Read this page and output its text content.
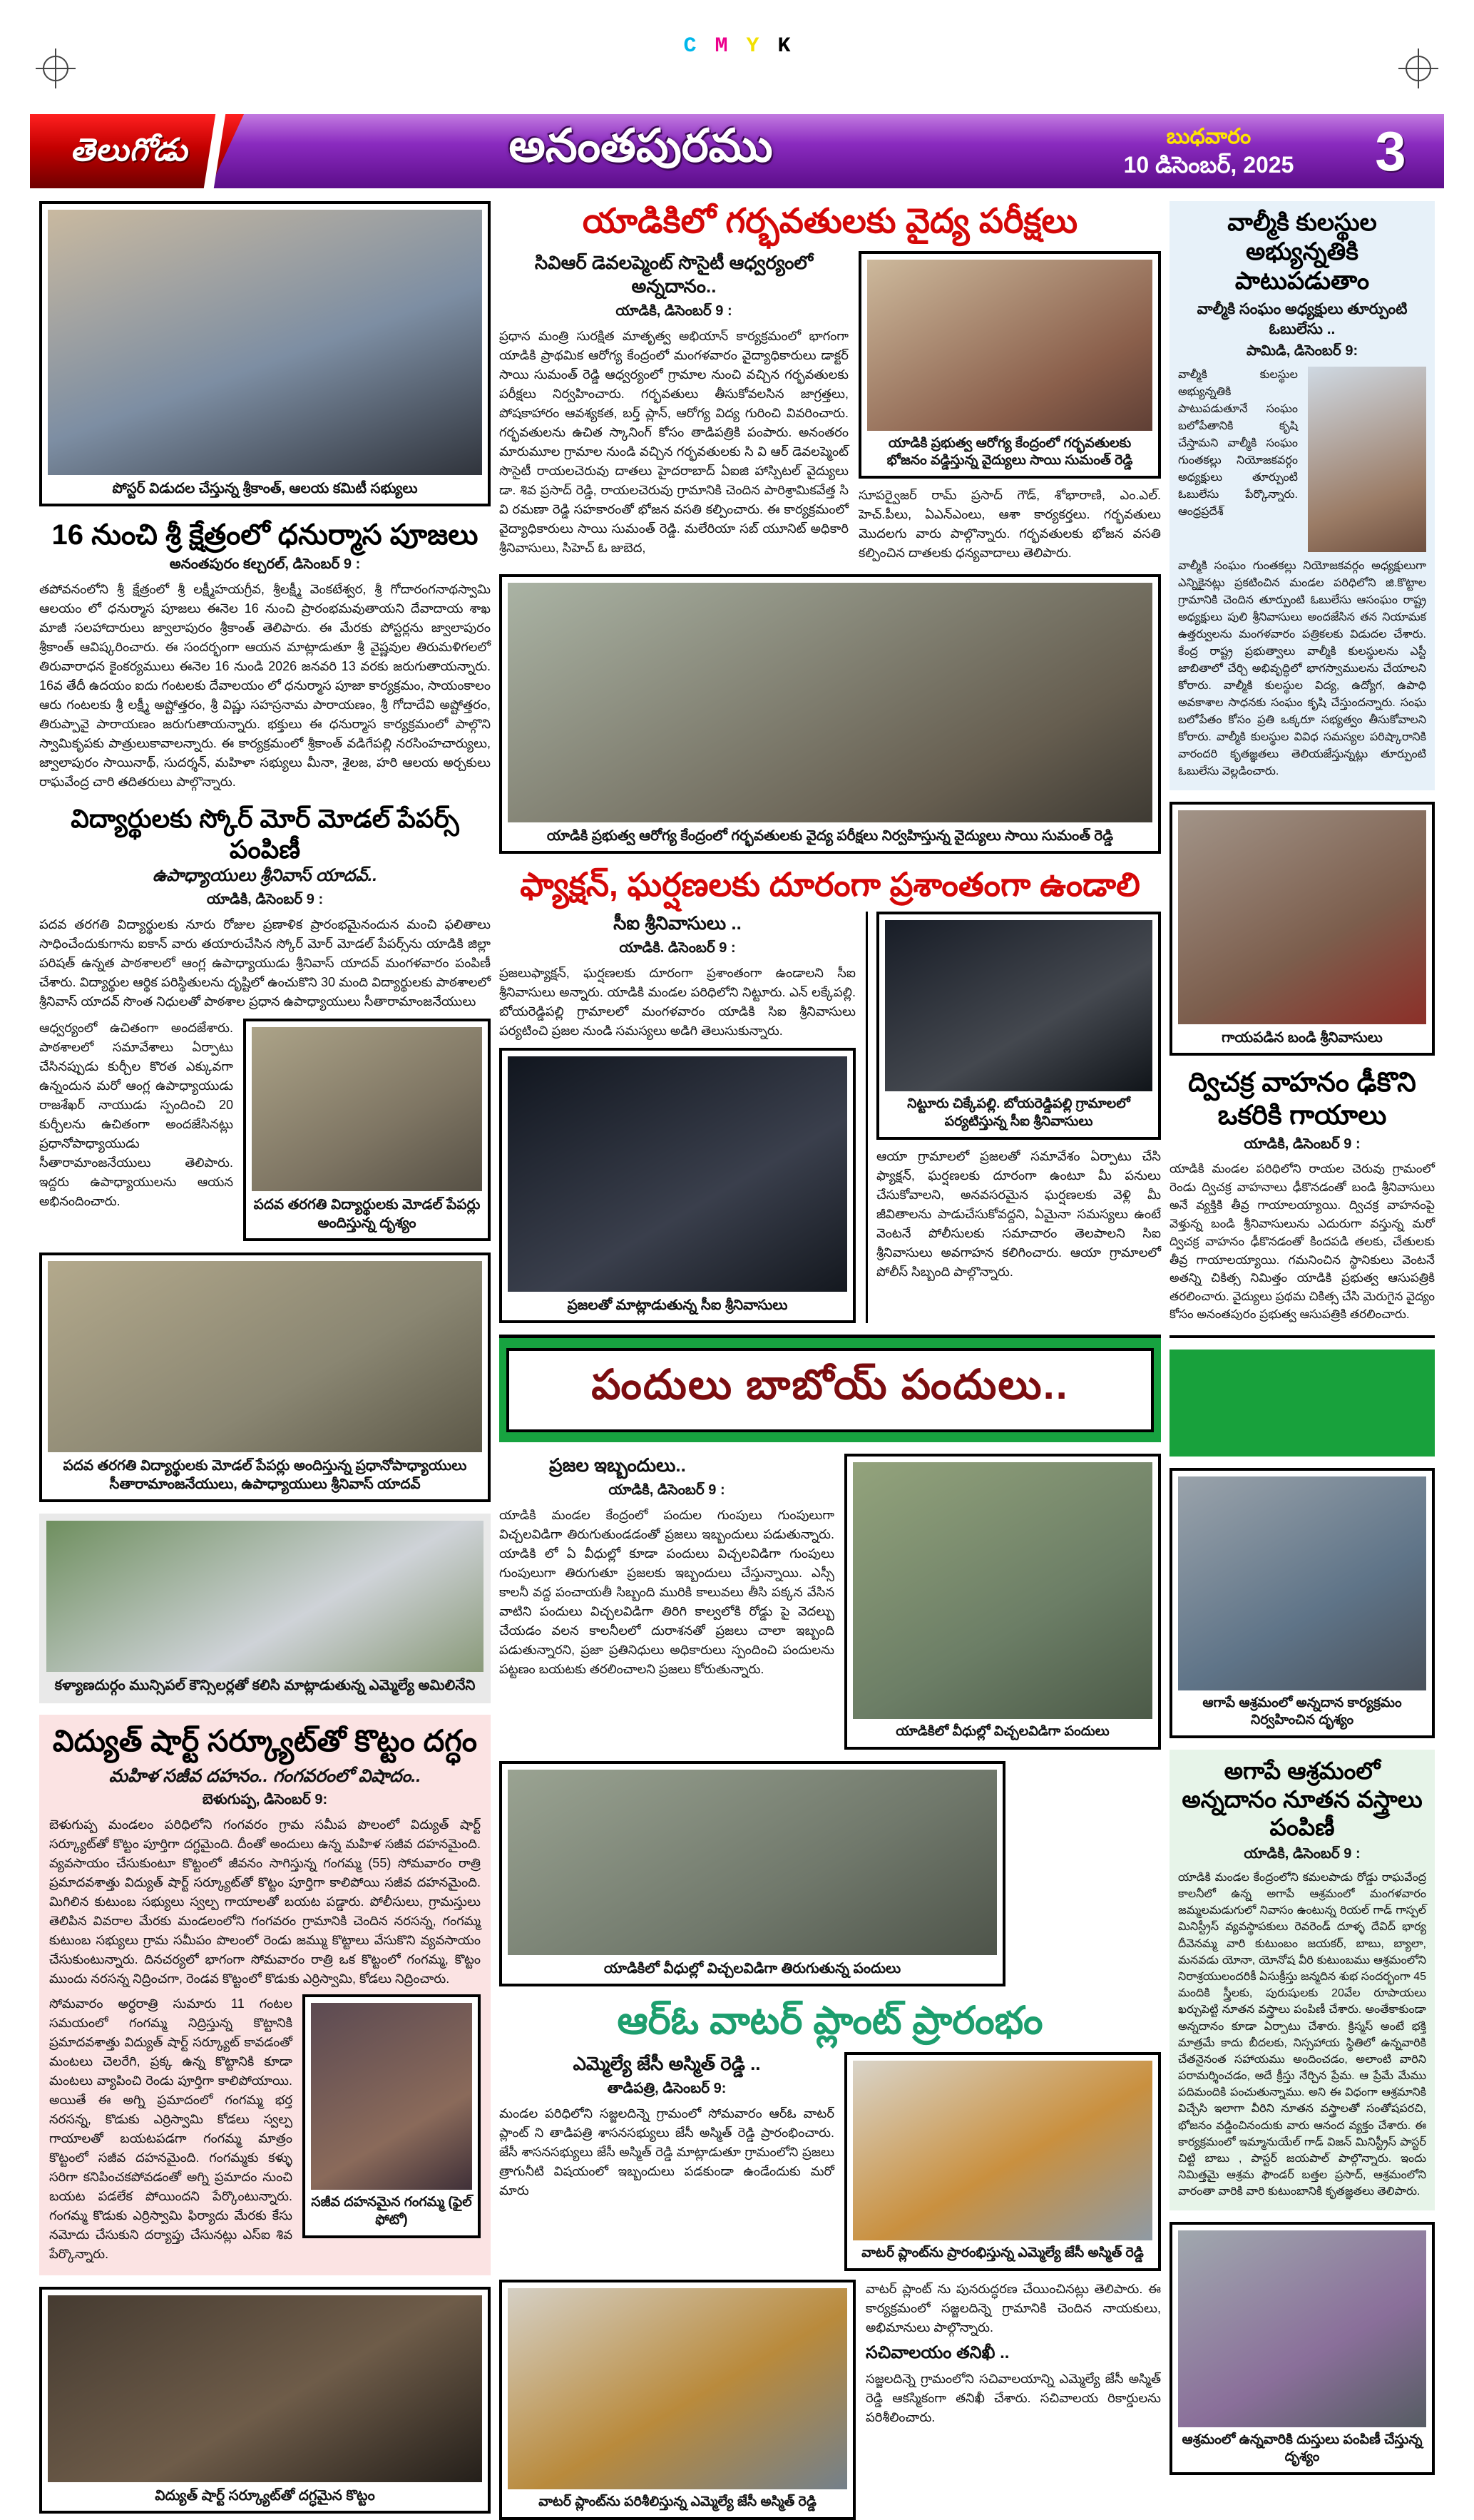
C M Y K
తెలుగోడు	అనంతపురము	బుధవారం
10 డిసెంబర్, 2025	3
పోస్టర్ విడుదల చేస్తున్న శ్రీకాంత్, ఆలయ కమిటీ సభ్యులు
16 నుంచి శ్రీ క్షేత్రంలో ధనుర్మాస పూజలు
అనంతపురం కల్చరల్, డిసెంబర్ 9 :
తపోవనంలోని శ్రీ క్షేత్రంలో శ్రీ లక్ష్మీహయగ్రీవ, శ్రీలక్ష్మీ వెంకటేశ్వర, శ్రీ గోదారంగనాథస్వామి ఆలయం లో ధనుర్మాస పూజలు ఈనెల 16 నుంచి ప్రారంభమవుతాయని దేవాదాయ శాఖ మాజీ సలహాదారులు జ్వాలాపురం శ్రీకాంత్ తెలిపారు. ఈ మేరకు పోస్టర్లను జ్వాలాపురం శ్రీకాంత్ ఆవిష్కరించారు. ఈ సందర్భంగా ఆయన మాట్లాడుతూ శ్రీ వైష్ణవుల తిరుమళిగలలో తిరువారాధన కైంకర్యములు ఈనెల 16 నుండి 2026 జనవరి 13 వరకు జరుగుతాయన్నారు. 16వ తేదీ ఉదయం ఐదు గంటలకు దేవాలయం లో ధనుర్మాస పూజా కార్యక్రమం, సాయంకాలం ఆరు గంటలకు శ్రీ లక్ష్మీ అష్టోత్తరం, శ్రీ విష్ణు సహస్రనామ పారాయణం, శ్రీ గోదాదేవి అష్టోత్తరం, తిరుప్పావై పారాయణం జరుగుతాయన్నారు. భక్తులు ఈ ధనుర్మాస కార్యక్రమంలో పాల్గొని స్వామికృపకు పాత్రులుకావాలన్నారు. ఈ కార్యక్రమంలో శ్రీకాంత్ వడిగేపల్లి నరసింహచార్యులు, జ్వాలాపురం సాయినాథ్, సుదర్శన్, మహిళా సభ్యులు మీనా, శైలజ, హరి ఆలయ అర్చకులు రాఘవేంద్ర చారి తదితరులు పాల్గొన్నారు.
విద్యార్థులకు స్కోర్ మోర్ మోడల్ పేపర్స్ పంపిణీ
ఉపాధ్యాయులు శ్రీనివాస్ యాదవ్..
యాడికి, డిసెంబర్ 9 :
పదవ తరగతి విద్యార్థులకు నూరు రోజుల ప్రణాళిక ప్రారంభమైనందున మంచి ఫలితాలు సాధించేందుకుగాను ఐకాన్ వారు తయారుచేసిన స్కోర్ మోర్ మోడల్ పేపర్స్‌ను యాడికి జిల్లా పరిషత్ ఉన్నత పాఠశాలలో ఆంగ్ల ఉపాధ్యాయుడు శ్రీనివాస్ యాదవ్ మంగళవారం పంపిణీ చేశారు. విద్యార్థుల ఆర్థిక పరిస్థితులను దృష్టిలో ఉంచుకొని 30 మంది విద్యార్థులకు పాఠశాలలో శ్రీనివాస్ యాదవ్ సొంత నిధులతో పాఠశాల ప్రధాన ఉపాధ్యాయులు సీతారామాంజనేయులు
ఆధ్వర్యంలో ఉచితంగా అందజేశారు. పాఠశాలలో సమావేశాలు ఏర్పాటు చేసినప్పుడు కుర్చీల కొరత ఎక్కువగా ఉన్నందున మరో ఆంగ్ల ఉపాధ్యాయుడు రాజశేఖర్ నాయుడు స్పందించి 20 కుర్చీలను ఉచితంగా అందజేసినట్లు ప్రధానోపాధ్యాయుడు సీతారామాంజనేయులు తెలిపారు. ఇద్దరు ఉపాధ్యాయులను ఆయన అభినందించారు.	పదవ తరగతి విద్యార్థులకు మోడల్ పేపర్లు అందిస్తున్న దృశ్యం
పదవ తరగతి విద్యార్థులకు మోడల్ పేపర్లు అందిస్తున్న ప్రధానోపాధ్యాయులు సీతారామాంజనేయులు, ఉపాధ్యాయులు శ్రీనివాస్ యాదవ్
కళ్యాణదుర్గం మున్సిపల్ కౌన్సిలర్లతో కలిసి మాట్లాడుతున్న ఎమ్మెల్యే అమిలినేని
విద్యుత్ షార్ట్ సర్క్యూట్‌తో కొట్టం దగ్ధం
మహిళ సజీవ దహనం.. గంగవరంలో విషాదం..
బెళుగుప్ప, డిసెంబర్ 9:
బెళుగుప్ప మండలం పరిధిలోని గంగవరం గ్రామ సమీప పొలంలో విద్యుత్ షార్ట్ సర్క్యూట్‌తో కొట్టం పూర్తిగా దగ్ధమైంది. దీంతో అందులు ఉన్న మహిళ సజీవ దహనమైంది. వ్యవసాయం చేసుకుంటూ కొట్టంలో జీవనం సాగిస్తున్న గంగమ్మ (55) సోమవారం రాత్రి ప్రమాదవశాత్తు విద్యుత్ షార్ట్ సర్క్యూట్‌తో కొట్టం పూర్తిగా కాలిపోయి సజీవ దహనమైంది. మిగిలిన కుటుంబ సభ్యులు స్వల్ప గాయాలతో బయట పడ్డారు. పోలీసులు, గ్రామస్తులు తెలిపిన వివరాల మేరకు మండలంలోని గంగవరం గ్రామానికి చెందిన నరసన్న, గంగమ్మ కుటుంబ సభ్యులు గ్రామ సమీపం పొలంలో రెండు జమ్ము కొట్టాలు వేసుకొని వ్యవసాయం చేసుకుంటున్నారు. దినచర్యలో భాగంగా సోమవారం రాత్రి ఒక కొట్టంలో గంగమ్మ, కొట్టం ముందు నరసన్న నిద్రించగా, రెండవ కొట్టంలో కొడుకు ఎర్రిస్వామి, కోడలు నిద్రించారు.
సోమవారం అర్ధరాత్రి సుమారు 11 గంటల సమయంలో గంగమ్మ నిద్రిస్తున్న కొట్టానికి ప్రమాదవశాత్తు విద్యుత్ షార్ట్ సర్క్యూట్ కావడంతో మంటలు చెలరేగి, ప్రక్క ఉన్న కొట్టానికి కూడా మంటలు వ్యాపించి రెండు పూర్తిగా కాలిపోయాయి. అయితే ఈ అగ్ని ప్రమాదంలో గంగమ్మ భర్త నరసన్న, కొడుకు ఎర్రిస్వామి కోడలు స్వల్ప గాయాలతో బయటపడగా గంగమ్మ మాత్రం కొట్టంలో సజీవ దహనమైంది. గంగమ్మకు కళ్ళు సరిగా కనిపించకపోవడంతో అగ్ని ప్రమాదం నుంచి బయట పడలేక పోయిందని పేర్కొంటున్నారు. గంగమ్మ కొడుకు ఎర్రిస్వామి ఫిర్యాదు మేరకు కేసు నమోదు చేసుకుని దర్యాప్తు చేసునట్లు ఎస్ఐ శివ పేర్కొన్నారు.
సజీవ దహనమైన గంగమ్మ (ఫైల్ ఫోటో)
విద్యుత్ షార్ట్ సర్క్యూట్‌తో దగ్ధమైన కొట్టం
యాడికిలో గర్భవతులకు వైద్య పరీక్షలు
సివిఆర్ డెవలప్మెంట్ సొసైటీ ఆధ్వర్యంలో అన్నదానం..
యాడికి, డిసెంబర్ 9 :
ప్రధాన మంత్రి సురక్షిత మాతృత్వ అభియాన్ కార్యక్రమంలో భాగంగా యాడికి ప్రాథమిక ఆరోగ్య కేంద్రంలో మంగళవారం వైద్యాధికారులు డాక్టర్ సాయి సుమంత్ రెడ్డి ఆధ్వర్యంలో గ్రామాల నుంచి వచ్చిన గర్భవతులకు పరీక్షలు నిర్వహించారు. గర్భవతులు తీసుకోవలసిన జాగ్రత్తలు, పోషకాహారం ఆవశ్యకత, బర్త్ ప్లాన్, ఆరోగ్య విద్య గురించి వివరించారు. గర్భవతులను ఉచిత స్కానింగ్ కోసం తాడిపత్రికి పంపారు. అనంతరం మారుమూల గ్రామాల నుండి వచ్చిన గర్భవతులకు సి వి ఆర్ డెవలప్మెంట్ సొసైటీ రాయలచెరువు దాతలు హైదరాబాద్ ఏఐజి హాస్పిటల్ వైద్యులు డా. శివ ప్రసాద్ రెడ్డి, రాయలచెరువు గ్రామానికి చెందిన పారిశ్రామికవేత్త సి వి రమణా రెడ్డి సహకారంతో భోజన వసతి కల్పించారు. ఈ కార్యక్రమంలో వైద్యాధికారులు సాయి సుమంత్ రెడ్డి. మలేరియా సబ్ యూనిట్ అధికారి శ్రీనివాసులు, సిహెచ్ ఓ జుబెద,
యాడికి ప్రభుత్వ ఆరోగ్య కేంద్రంలో గర్భవతులకు భోజనం వడ్డిస్తున్న వైద్యులు సాయి సుమంత్ రెడ్డి
సూపర్వైజర్ రామ్ ప్రసాద్ గౌడ్, శోభారాణి, ఎం.ఎల్. హెచ్.పీలు, ఏఎన్ఎంలు, ఆశా కార్యకర్తలు. గర్భవతులు మొదలగు వారు పాల్గొన్నారు. గర్భవతులకు భోజన వసతి కల్పించిన దాతలకు ధన్యవాదాలు తెలిపారు.
యాడికి ప్రభుత్వ ఆరోగ్య కేంద్రంలో గర్భవతులకు వైద్య పరీక్షలు నిర్వహిస్తున్న వైద్యులు సాయి సుమంత్ రెడ్డి
ఫ్యాక్షన్, ఘర్షణలకు దూరంగా ప్రశాంతంగా ఉండాలి
సీఐ శ్రీనివాసులు ..
యాడికి. డిసెంబర్ 9 :
ప్రజలుఫ్యాక్షన్, ఘర్షణలకు దూరంగా ప్రశాంతంగా ఉండాలని సీఐ శ్రీనివాసులు అన్నారు. యాడికి మండల పరిధిలోని నిట్టూరు. ఎన్ లక్కేపల్లి. బోయరెడ్డిపల్లి గ్రామాలలో మంగళవారం యాడికి సిఐ శ్రీనివాసులు పర్యటించి ప్రజల నుండి సమస్యలు అడిగి తెలుసుకున్నారు.
ప్రజలతో మాట్లాడుతున్న సీఐ శ్రీనివాసులు
నిట్టూరు చిక్కేపల్లి. బోయరెడ్డిపల్లి గ్రామాలలో పర్యటిస్తున్న సీఐ శ్రీనివాసులు
ఆయా గ్రామాలలో ప్రజలతో సమావేశం ఏర్పాటు చేసి ఫ్యాక్షన్, ఘర్షణలకు దూరంగా ఉంటూ మీ పనులు చేసుకోవాలని, అనవసరమైన ఘర్షణలకు వెళ్లి మీ జీవితాలను పాడుచేసుకోవద్దని, ఏమైనా సమస్యలు ఉంటే వెంటనే పోలీసులకు సమాచారం తెలపాలని సిఐ శ్రీనివాసులు అవగాహన కలిగించారు. ఆయా గ్రామాలలో పోలీస్ సిబ్బంది పాల్గొన్నారు.
పందులు బాబోయ్ పందులు..
ప్రజల ఇబ్బందులు..
యాడికి, డిసెంబర్ 9 :
యాడికి మండల కేంద్రంలో పందుల గుంపులు గుంపులుగా విచ్చలవిడిగా తిరుగుతుండడంతో ప్రజలు ఇబ్బందులు పడుతున్నారు. యాడికి లో ఏ వీధుల్లో కూడా పందులు విచ్చలవిడిగా గుంపులు గుంపులుగా తిరుగుతూ ప్రజలకు ఇబ్బందులు చేస్తున్నాయి. ఎస్సీ కాలనీ వద్ద పంచాయతీ సిబ్బంది మురికి కాలువలు తీసి పక్కన వేసిన వాటిని పందులు విచ్చలవిడిగా తిరిగి కాల్వలోకి రోడ్డు పై వెదల్బు చేయడం వలన కాలనీలలో దురాశనతో ప్రజలు చాలా ఇబ్బంది పడుతున్నారని, ప్రజా ప్రతినిధులు అధికారులు స్పందించి పందులను పట్టణం బయటకు తరలించాలని ప్రజలు కోరుతున్నారు.
యాడికిలో వీధుల్లో విచ్చలవిడిగా పందులు
యాడికిలో వీధుల్లో విచ్చలవిడిగా తిరుగుతున్న పందులు
ఆర్ఓ వాటర్ ప్లాంట్ ప్రారంభం
ఎమ్మెల్యే జేసీ అస్మిత్ రెడ్డి ..
తాడిపత్రి, డిసెంబర్ 9:
మండల పరిధిలోని సజ్జలదిన్నె గ్రామంలో సోమవారం ఆర్ఓ వాటర్ ప్లాంట్ ని తాడిపత్రి శాసనసభ్యులు జేసీ అస్మిత్ రెడ్డి ప్రారంభించారు. జేసీ శాసనసభ్యులు జేసీ అస్మిత్ రెడ్డి మాట్లాడుతూ గ్రామంలోని ప్రజలు త్రాగునీటి విషయంలో ఇబ్బందులు పడకుండా ఉండేందుకు మరో మారు
వాటర్ ప్లాంట్‌ను ప్రారంభిస్తున్న ఎమ్మెల్యే జేసీ అస్మిత్ రెడ్డి
వాటర్ ప్లాంట్‌ను పరిశీలిస్తున్న ఎమ్మెల్యే జేసీ అస్మిత్ రెడ్డి
వాటర్ ప్లాంట్ ను పునరుద్ధరణ చేయించినట్లు తెలిపారు. ఈ కార్యక్రమంలో సజ్జలదిన్నె గ్రామానికి చెందిన నాయకులు, అభిమానులు పాల్గొన్నారు.
సచివాలయం తనిఖీ ..
సజ్జలదిన్నె గ్రామంలోని సచివాలయాన్ని ఎమ్మెల్యే జేసీ అస్మిత్ రెడ్డి ఆకస్మికంగా తనిఖీ చేశారు. సచివాలయ రికార్డులను పరిశీలించారు.
వాల్మీకి కులస్థుల అభ్యున్నతికి పాటుపడుతాం
వాల్మీకి సంఘం అధ్యక్షులు తూర్పుంటి ఓబులేసు ..
పామిడి, డిసెంబర్ 9:
వాల్మీకి కులస్థుల అభ్యున్నతికి పాటుపడుతూనే సంఘం బలోపేతానికి కృషి చేస్తామని వాల్మీకి సంఘం గుంతకల్లు నియోజకవర్గం అధ్యక్షులు తూర్పుంటి ఓబులేసు పేర్కొన్నారు. ఆంధ్రప్రదేశ్
వాల్మీకి సంఘం గుంతకల్లు నియోజకవర్గం అధ్యక్షులుగా ఎన్నికైనట్లు ప్రకటించిన మండల పరిధిలోని జి.కొట్టాల గ్రామానికి చెందిన తూర్పుంటి ఓబులేసు ఆసంఘం రాష్ట్ర అధ్యక్షులు పులి శ్రీనివాసులు అందజేసిన తన నియామక ఉత్తర్వులను మంగళవారం పత్రికలకు విడుదల చేశారు. కేంద్ర రాష్ట్ర ప్రభుత్వాలు వాల్మీకి కులస్థులను ఎస్టీ జాబితాలో చేర్చి అభివృద్ధిలో భాగస్వాములను చేయాలని కోరారు. వాల్మీకి కులస్థుల విద్య, ఉద్యోగ, ఉపాధి అవకాశాల సాధనకు సంఘం కృషి చేస్తుందన్నారు. సంఘ బలోపేతం కోసం ప్రతి ఒక్కరూ సభ్యత్వం తీసుకోవాలని కోరారు. వాల్మీకి కులస్థుల వివిధ సమస్యల పరిష్కారానికి వారందరి కృతజ్ఞతలు తెలియజేస్తున్నట్లు తూర్పుంటి ఓబులేసు వెల్లడించారు.
గాయపడిన బండి శ్రీనివాసులు
ద్విచక్ర వాహనం ఢీకొని ఒకరికి గాయాలు
యాడికి, డిసెంబర్ 9 :
యాడికి మండల పరిధిలోని రాయల చెరువు గ్రామంలో రెండు ద్విచక్ర వాహనాలు ఢీకొనడంతో బండి శ్రీనివాసులు అనే వ్యక్తికి తీవ్ర గాయాలయ్యాయి. ద్విచక్ర వాహనంపై వెళ్తున్న బండి శ్రీనివాసులును ఎదురుగా వస్తున్న మరో ద్విచక్ర వాహనం ఢీకొనడంతో కిందపడి తలకు, చేతులకు తీవ్ర గాయాలయ్యాయి. గమనించిన స్థానికులు వెంటనే అతన్ని చికిత్స నిమిత్తం యాడికి ప్రభుత్వ ఆసుపత్రికి తరలించారు. వైద్యులు ప్రథమ చికిత్స చేసి మెరుగైన వైద్యం కోసం అనంతపురం ప్రభుత్వ ఆసుపత్రికి తరలించారు.
ఆగాపే ఆశ్రమంలో అన్నదాన కార్యక్రమం నిర్వహించిన దృశ్యం
అగాపే ఆశ్రమంలో అన్నదానం నూతన వస్త్రాలు పంపిణీ
యాడికి, డిసెంబర్ 9 :
యాడికి మండల కేంద్రంలోని కమలపాడు రోడ్డు రాఘవేంద్ర కాలనీలో ఉన్న అగాపే ఆశ్రమంలో మంగళవారం జమ్మలమడుగులో నివాసం ఉంటున్న రియల్ గాడ్ గాస్పల్ మినిస్ట్రీస్ వ్యవస్థాపకులు రెవరెండ్ దూళ్ళ దేవిద్ భార్య దీవెనమ్మ వారి కుటుంబం జయకర్, బాబు, బ్యాలా, మనవడు యోనా, యోనోష వీరి కుటుంబము ఆశ్రమంలోని నిరాశ్రయులందరికీ ఏసుక్రీస్తు జన్మదిన శుభ సందర్భంగా 45 మందికి స్త్రీలకు, పురుషులకు 20వేల రూపాయలు ఖర్చుపెట్టి నూతన వస్త్రాలు పంపిణీ చేశారు. అంతేకాకుండా అన్నదానం కూడా ఏర్పాటు చేశారు. క్రిస్మస్ అంటే భక్తి మాత్రమే కాదు బీదలకు, నిస్సహాయ స్థితిలో ఉన్నవారికి చేతనైనంత సహాయము అందించడం, అలాంటి వారిని పరామర్శించడం, అదే క్రీస్తు నేర్చిన ప్రేమ. ఆ ప్రేమే మేము పదిమందికి పంచుతున్నాము. అని ఈ విధంగా ఆశ్రమానికి విచ్చేసి ఇలాగా వీరిని నూతన వస్త్రాలతో సంతోషపరచి, భోజనం వడ్డించినందుకు వారు ఆనంద వ్యక్తం చేశారు. ఈ కార్యక్రమంలో ఇమ్మానుయేల్ గాడ్ విజన్ మినిస్ట్రీస్ పాస్టర్ చిట్టి బాబు , పాస్టర్ జయపాల్ పాల్గొన్నారు. ఇందు నిమిత్తమై ఆశ్రమ ఫౌండర్ బత్తల ప్రసాద్, ఆశ్రమంలోని వారంతా వారికి వారి కుటుంబానికి కృతజ్ఞతలు తెలిపారు.
ఆశ్రమంలో ఉన్నవారికి దుస్తులు పంపిణీ చేస్తున్న దృశ్యం
